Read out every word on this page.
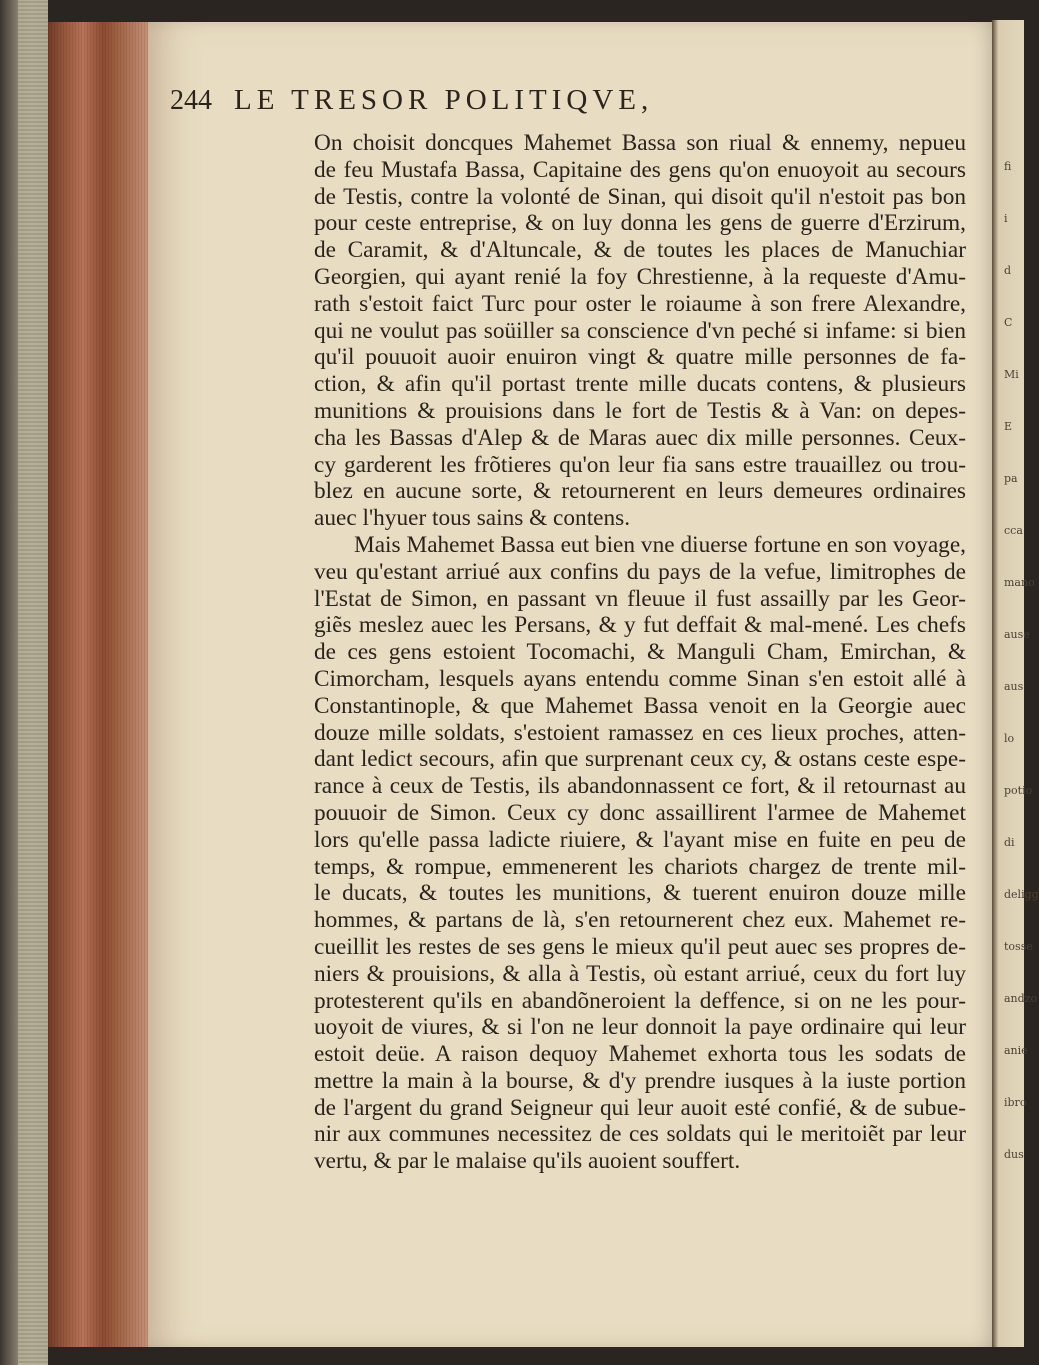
fi
i
d
C
Mi
E
pa
cca
mano
ause
aus
lo
potio
di
deligg
tosse
andzo
anie
ibro
dus
244 LE TRESOR POLITIQVE,
On choisit doncques Mahemet Bassa son riual & ennemy, nepueu
de feu Mustafa Bassa, Capitaine des gens qu'on enuoyoit au secours
de Testis, contre la volonté de Sinan, qui disoit qu'il n'estoit pas bon
pour ceste entreprise, & on luy donna les gens de guerre d'Erzirum,
de Caramit, & d'Altuncale, & de toutes les places de Manuchiar
Georgien, qui ayant renié la foy Chrestienne, à la requeste d'Amu-
rath s'estoit faict Turc pour oster le roiaume à son frere Alexandre,
qui ne voulut pas soüiller sa conscience d'vn peché si infame: si bien
qu'il pouuoit auoir enuiron vingt & quatre mille personnes de fa-
ction, & afin qu'il portast trente mille ducats contens, & plusieurs
munitions & prouisions dans le fort de Testis & à Van: on depes-
cha les Bassas d'Alep & de Maras auec dix mille personnes. Ceux-
cy garderent les frõtieres qu'on leur fia sans estre trauaillez ou trou-
blez en aucune sorte, & retournerent en leurs demeures ordinaires
auec l'hyuer tous sains & contens.
Mais Mahemet Bassa eut bien vne diuerse fortune en son voyage,
veu qu'estant arriué aux confins du pays de la vefue, limitrophes de
l'Estat de Simon, en passant vn fleuue il fust assailly par les Geor-
giẽs meslez auec les Persans, & y fut deffait & mal-mené. Les chefs
de ces gens estoient Tocomachi, & Manguli Cham, Emirchan, &
Cimorcham, lesquels ayans entendu comme Sinan s'en estoit allé à
Constantinople, & que Mahemet Bassa venoit en la Georgie auec
douze mille soldats, s'estoient ramassez en ces lieux proches, atten-
dant ledict secours, afin que surprenant ceux cy, & ostans ceste espe-
rance à ceux de Testis, ils abandonnassent ce fort, & il retournast au
pouuoir de Simon. Ceux cy donc assaillirent l'armee de Mahemet
lors qu'elle passa ladicte riuiere, & l'ayant mise en fuite en peu de
temps, & rompue, emmenerent les chariots chargez de trente mil-
le ducats, & toutes les munitions, & tuerent enuiron douze mille
hommes, & partans de là, s'en retournerent chez eux. Mahemet re-
cueillit les restes de ses gens le mieux qu'il peut auec ses propres de-
niers & prouisions, & alla à Testis, où estant arriué, ceux du fort luy
protesterent qu'ils en abandõneroient la deffence, si on ne les pour-
uoyoit de viures, & si l'on ne leur donnoit la paye ordinaire qui leur
estoit deüe. A raison dequoy Mahemet exhorta tous les sodats de
mettre la main à la bourse, & d'y prendre iusques à la iuste portion
de l'argent du grand Seigneur qui leur auoit esté confié, & de subue-
nir aux communes necessitez de ces soldats qui le meritoiẽt par leur
vertu, & par le malaise qu'ils auoient souffert.
